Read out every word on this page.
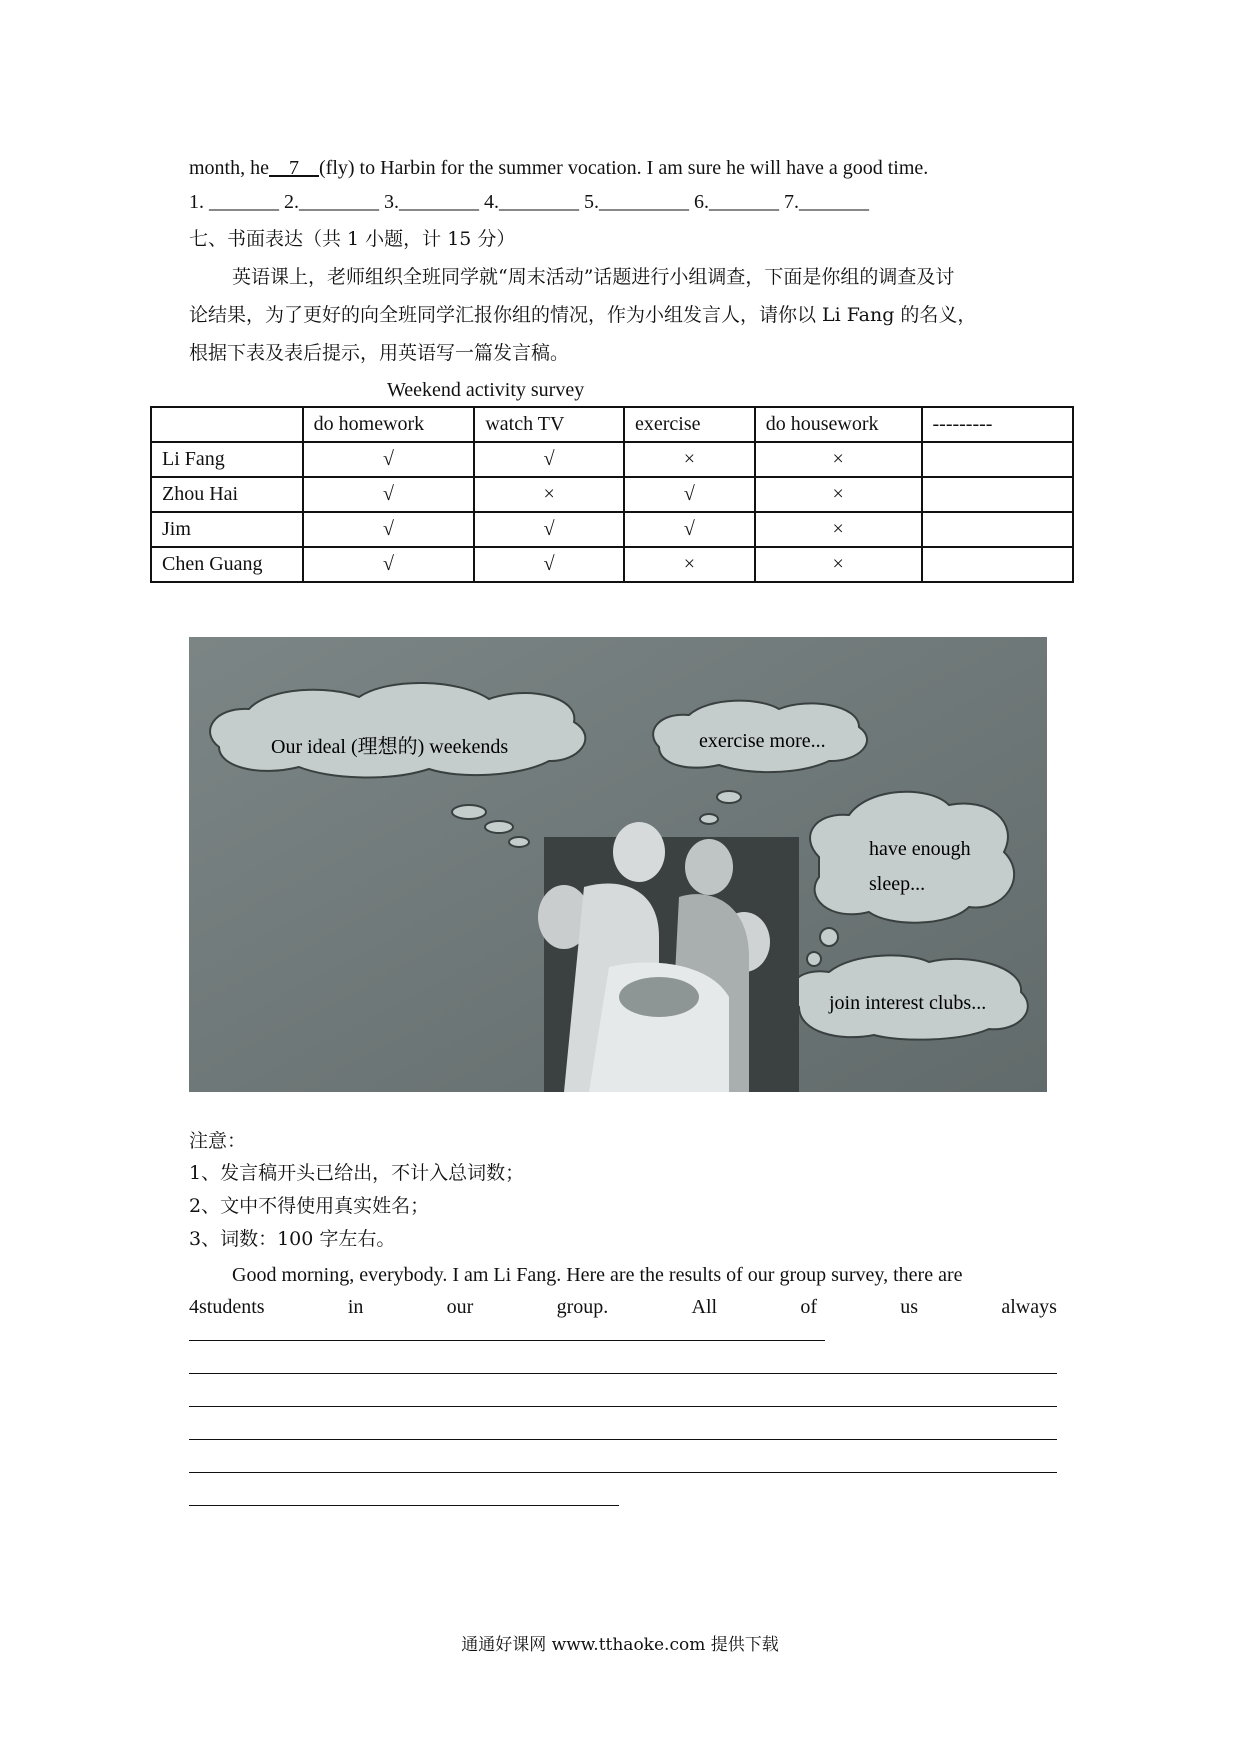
month, he 7 (fly) to Harbin for the summer vocation. I am sure he will have a good time.
1. _______ 2.________ 3.________ 4.________ 5._________ 6._______ 7._______
七、书面表达（共 1 小题，计 15 分）
英语课上，老师组织全班同学就“周末活动”话题进行小组调查，下面是你组的调查及讨
论结果，为了更好的向全班同学汇报你组的情况，作为小组发言人，请你以 Li Fang 的名义，
根据下表及表后提示，用英语写一篇发言稿。
Weekend activity survey
	do homework	watch TV	exercise	do housework	---------
Li Fang	√	√	×	×	
Zhou Hai	√	×	√	×	
Jim	√	√	√	×	
Chen Guang	√	√	×	×	
Our ideal (理想的) weekends	exercise more...
have enough
sleep...
join interest clubs...
注意：
1、发言稿开头已给出，不计入总词数；
2、文中不得使用真实姓名；
3、词数：100 字左右。
Good morning, everybody. I am Li Fang. Here are the results of our group survey, there are
4students	in	our	group.	All	of	us	always
通通好课网 www.tthaoke.com 提供下载
